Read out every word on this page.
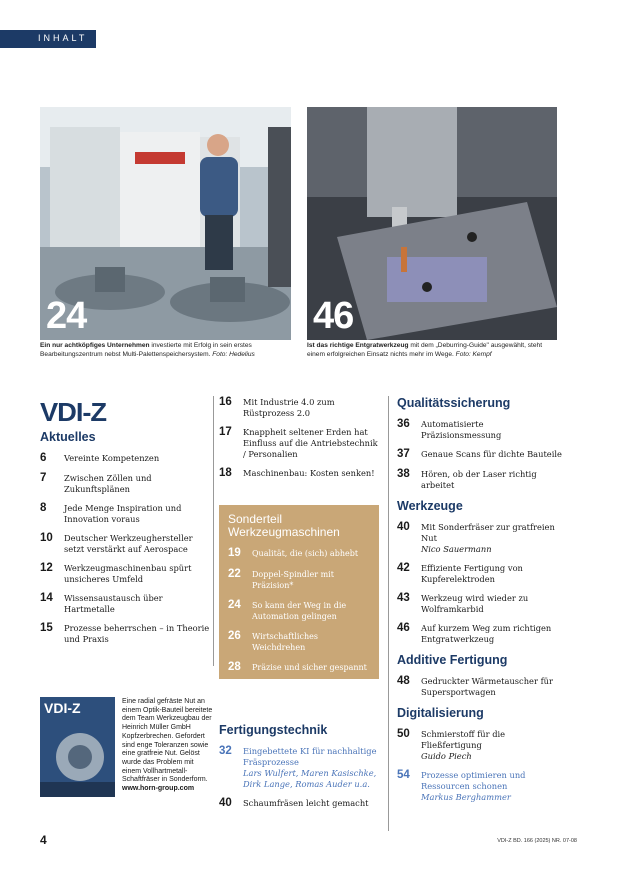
INHALT
24	46
Ein nur achtköpfiges Unternehmen investierte mit Erfolg in sein erstes Bearbeitungszentrum nebst Multi-Palettenspeichersystem. Foto: Hedelius
Ist das richtige Entgratwerkzeug mit dem „Deburring-Guide" ausgewählt, steht einem erfolgreichen Einsatz nichts mehr im Wege. Foto: Kempf
VDI-Z
Aktuelles
6	Vereinte Kompetenzen
7	Zwischen Zöllen und Zukunftsplänen
8	Jede Menge Inspiration und Innovation voraus
10	Deutscher Werkzeughersteller setzt verstärkt auf Aerospace
12	Werkzeugmaschinenbau spürt unsicheres Umfeld
14	Wissensaustausch über Hartmetalle
15	Prozesse beherrschen – in Theorie und Praxis
16	Mit Industrie 4.0 zum Rüstprozess 2.0
17	Knappheit seltener Erden hat Einfluss auf die Antriebstechnik / Personalien
18	Maschinenbau: Kosten senken!
Sonderteil Werkzeugmaschinen
19	Qualität, die (sich) abhebt
22	Doppel-Spindler mit Präzision*
24	So kann der Weg in die Automation gelingen
26	Wirtschaftliches Weichdrehen
28	Präzise und sicher gespannt
VDI-Z	Eine radial gefräste Nut an einem Optik-Bauteil bereitete dem Team Werkzeugbau der Heinrich Müller GmbH Kopfzerbrechen. Gefordert sind enge Toleranzen sowie eine gratfreie Nut. Gelöst wurde das Problem mit einem Vollhartmetall-Schaftfräser in Sonderform.
www.horn-group.com
Fertigungstechnik
32	Eingebettete KI für nachhaltige Fräsprozesse
Lars Wulfert, Maren Kasischke, Dirk Lange, Romas Auder u.a.
40	Schaumfräsen leicht gemacht
Qualitätssicherung
36	Automatisierte Präzisionsmessung
37	Genaue Scans für dichte Bauteile
38	Hören, ob der Laser richtig arbeitet
Werkzeuge
40	Mit Sonderfräser zur gratfreien Nut
Nico Sauermann
42	Effiziente Fertigung von Kupferelektroden
43	Werkzeug wird wieder zu Wolframkarbid
46	Auf kurzem Weg zum richtigen Entgratwerkzeug
Additive Fertigung
48	Gedruckter Wärmetauscher für Supersportwagen
Digitalisierung
50	Schmierstoff für die Fließfertigung
Guido Piech
54	Prozesse optimieren und Ressourcen schonen
Markus Berghammer
4	VDI-Z BD. 166 (2025) NR. 07-08
